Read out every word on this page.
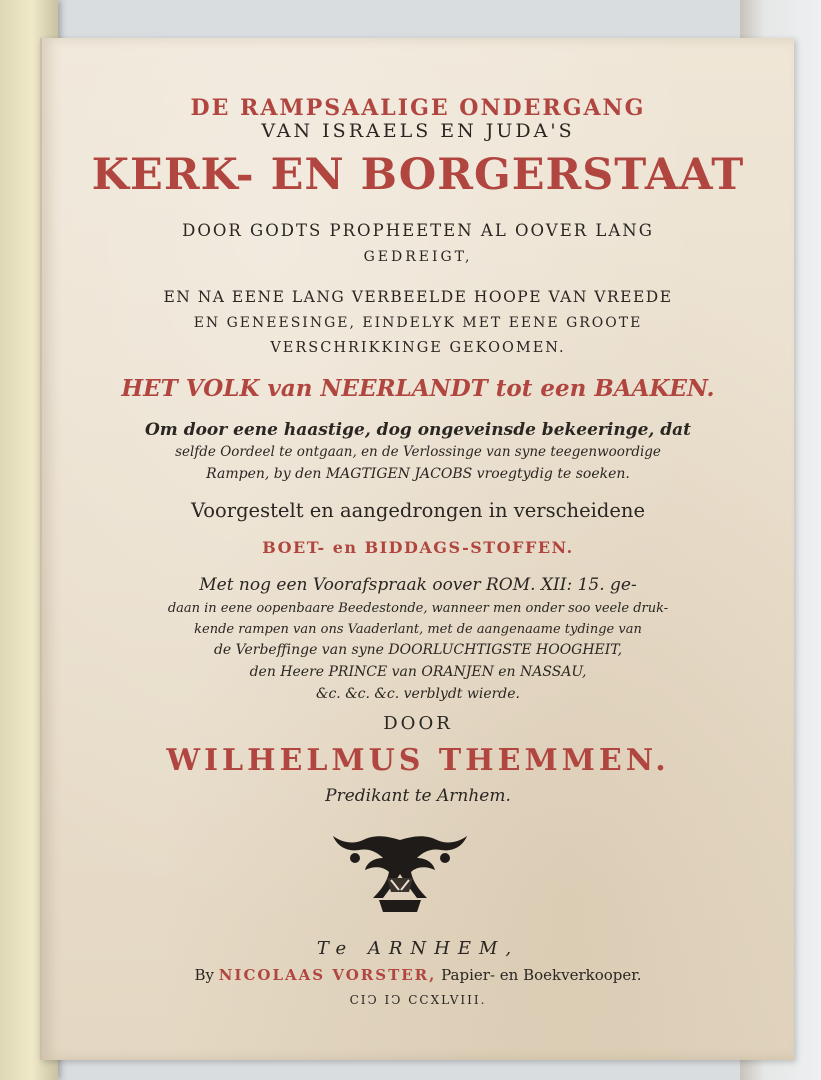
DE RAMPSAALIGE ONDERGANG
VAN ISRAELS EN JUDA'S
KERK- EN BORGERSTAAT
DOOR GODTS PROPHEETEN AL OOVER LANG
GEDREIGT,
EN NA EENE LANG VERBEELDE HOOPE VAN VREEDE
EN GENEESINGE, EINDELYK MET EENE GROOTE
VERSCHRIKKINGE GEKOOMEN.
HET VOLK van NEERLANDT tot een BAAKEN.
Om door eene haastige, dog ongeveinsde bekeeringe, dat
selfde Oordeel te ontgaan, en de Verlossinge van syne teegenwoordige
Rampen, by den MAGTIGEN JACOBS vroegtydig te soeken.
Voorgestelt en aangedrongen in verscheidene
BOET- en BIDDAGS-STOFFEN.
Met nog een Voorafspraak oover ROM. XII: 15. ge-
daan in eene oopenbaare Beedestonde, wanneer men onder soo veele druk-
kende rampen van ons Vaaderlant, met de aangenaame tydinge van
de Verbeffinge van syne DOORLUCHTIGSTE HOOGHEIT,
den Heere PRINCE van ORANJEN en NASSAU,
&c. &c. &c. verblydt wierde.
DOOR
WILHELMUS THEMMEN.
Predikant te Arnhem.
Te ARNHEM,
By NICOLAAS VORSTER, Papier- en Boekverkooper.
CIↃ IↃ CCXLVIII.
